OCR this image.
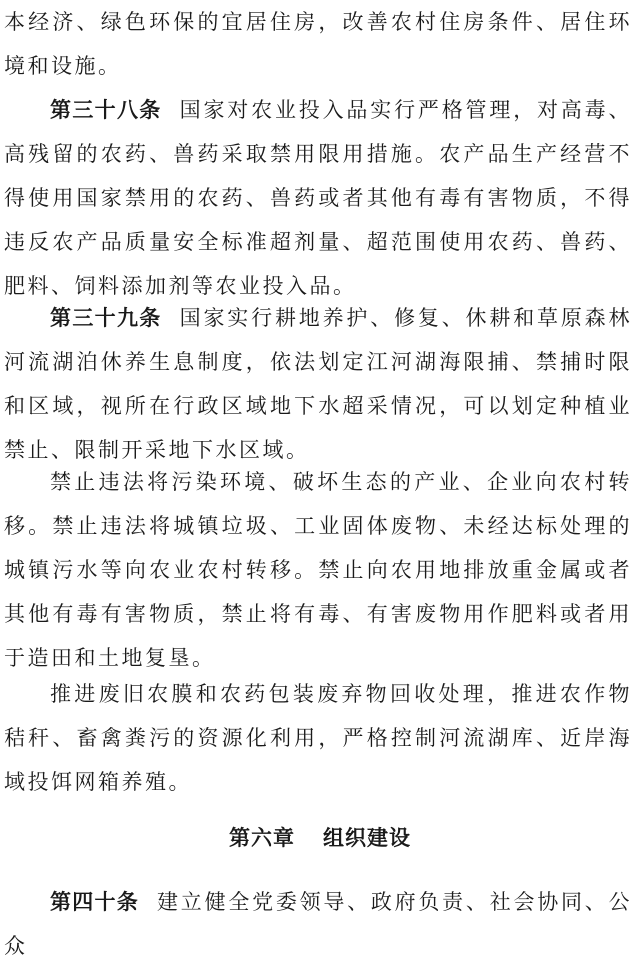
本经济、绿色环保的宜居住房，改善农村住房条件、居住环境和设施。

第三十八条 国家对农业投入品实行严格管理，对高毒、高残留的农药、兽药采取禁用限用措施。农产品生产经营不得使用国家禁用的农药、兽药或者其他有毒有害物质，不得违反农产品质量安全标准超剂量、超范围使用农药、兽药、肥料、饲料添加剂等农业投入品。

第三十九条 国家实行耕地养护、修复、休耕和草原森林河流湖泊休养生息制度，依法划定江河湖海限捕、禁捕时限和区域，视所在行政区域地下水超采情况，可以划定种植业禁止、限制开采地下水区域。

禁止违法将污染环境、破坏生态的产业、企业向农村转移。禁止违法将城镇垃圾、工业固体废物、未经达标处理的城镇污水等向农业农村转移。禁止向农用地排放重金属或者其他有毒有害物质，禁止将有毒、有害废物用作肥料或者用于造田和土地复垦。

推进废旧农膜和农药包装废弃物回收处理，推进农作物秸秆、畜禽粪污的资源化利用，严格控制河流湖库、近岸海域投饵网箱养殖。

第六章 组织建设

第四十条 建立健全党委领导、政府负责、社会协同、公众
